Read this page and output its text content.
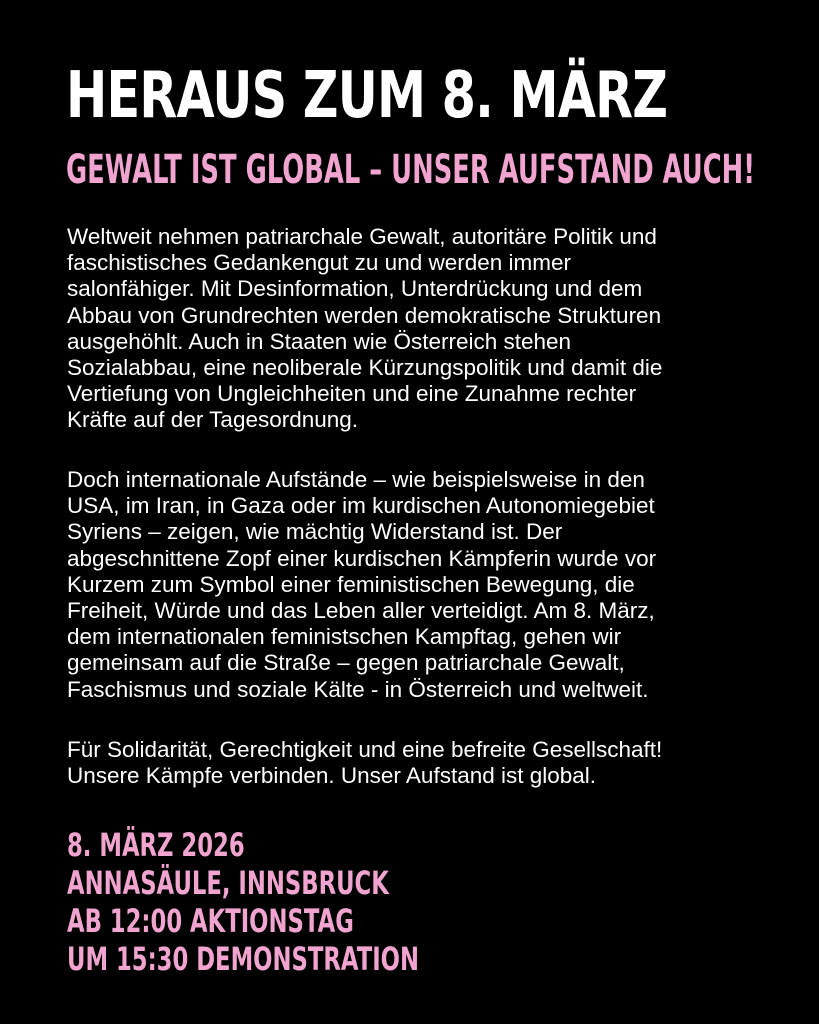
HERAUS ZUM 8. MÄRZ
GEWALT IST GLOBAL – UNSER AUFSTAND AUCH!

Weltweit nehmen patriarchale Gewalt, autoritäre Politik und
faschistisches Gedankengut zu und werden immer
salonfähiger. Mit Desinformation, Unterdrückung und dem
Abbau von Grundrechten werden demokratische Strukturen
ausgehöhlt. Auch in Staaten wie Österreich stehen
Sozialabbau, eine neoliberale Kürzungspolitik und damit die
Vertiefung von Ungleichheiten und eine Zunahme rechter
Kräfte auf der Tagesordnung.

Doch internationale Aufstände – wie beispielsweise in den
USA, im Iran, in Gaza oder im kurdischen Autonomiegebiet
Syriens – zeigen, wie mächtig Widerstand ist. Der
abgeschnittene Zopf einer kurdischen Kämpferin wurde vor
Kurzem zum Symbol einer feministischen Bewegung, die
Freiheit, Würde und das Leben aller verteidigt. Am 8. März,
dem internationalen feministschen Kampftag, gehen wir
gemeinsam auf die Straße – gegen patriarchale Gewalt,
Faschismus und soziale Kälte - in Österreich und weltweit.

Für Solidarität, Gerechtigkeit und eine befreite Gesellschaft!
Unsere Kämpfe verbinden. Unser Aufstand ist global.

8. MÄRZ 2026
ANNASÄULE, INNSBRUCK
AB 12:00 AKTIONSTAG
UM 15:30 DEMONSTRATION
